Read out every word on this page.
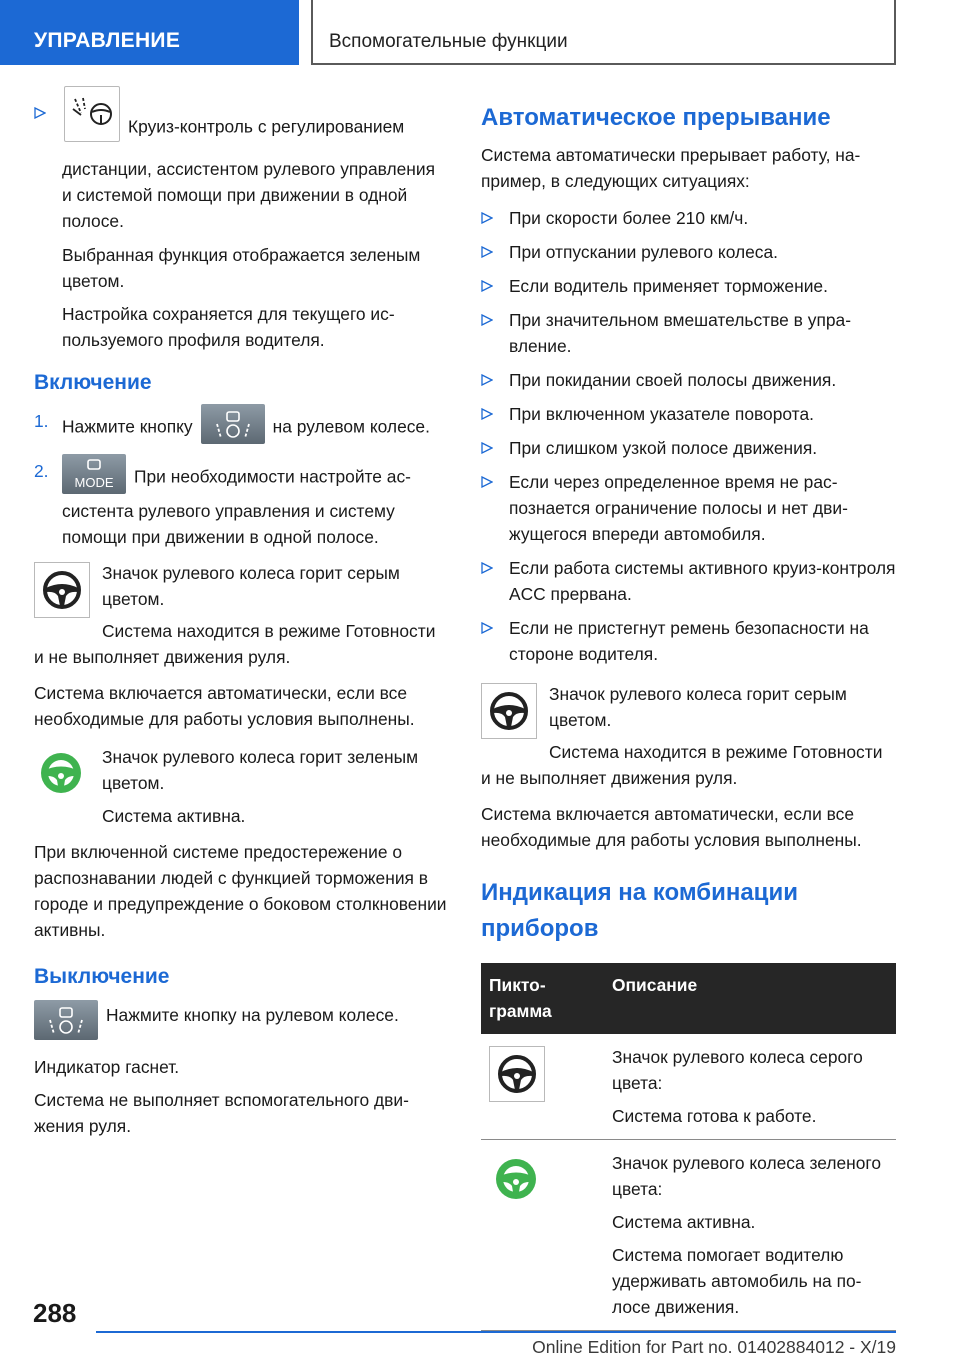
УПРАВЛЕНИЕ	Вспомогательные функции
Круиз-контроль с регулированием дистанции, ассистентом рулевого управления и системой помощи при движении в одной полосе.

Выбранная функция отображается зеленым цветом.

Настройка сохраняется для текущего используемого профиля водителя.

Включение
1. Нажмите кнопку	на рулевом колесе.
2.
MODE При необходимости настройте ассистента рулевого управления и систему помощи при движении в одной полосе.

Значок рулевого колеса горит серым цветом.

Система находится в режиме Готовности и не выполняет движения руля.

Система включается автоматически, если все необходимые для работы условия выполнены.

Значок рулевого колеса горит зеленым цветом.

Система активна.

При включенной системе предостережение о распознавании людей с функцией торможения в городе и предупреждение о боковом столкновении активны.

Выключение

Нажмите кнопку на рулевом колесе.

Индикатор гаснет.

Система не выполняет вспомогательного движения руля.

Автоматическое прерывание

Система автоматически прерывает работу, например, в следующих ситуациях:

При скорости более 210 км/ч.
При отпускании рулевого колеса.
Если водитель применяет торможение.
При значительном вмешательстве в управление.
При покидании своей полосы движения.
При включенном указателе поворота.
При слишком узкой полосе движения.
Если через определенное время не распознается ограничение полосы и нет движущегося впереди автомобиля.
Если работа системы активного круиз-контроля ACC прервана.
Если не пристегнут ремень безопасности на стороне водителя.

Значок рулевого колеса горит серым цветом.

Система находится в режиме Готовности и не выполняет движения руля.

Система включается автоматически, если все необходимые для работы условия выполнены.

Индикация на комбинации приборов
Пиктограмма	Описание

Значок рулевого колеса серого цвета:

Система готова к работе.

Значок рулевого колеса зеленого цвета:

Система активна.

Система помогает водителю удерживать автомобиль на полосе движения.

288
Online Edition for Part no. 01402884012 - X/19
